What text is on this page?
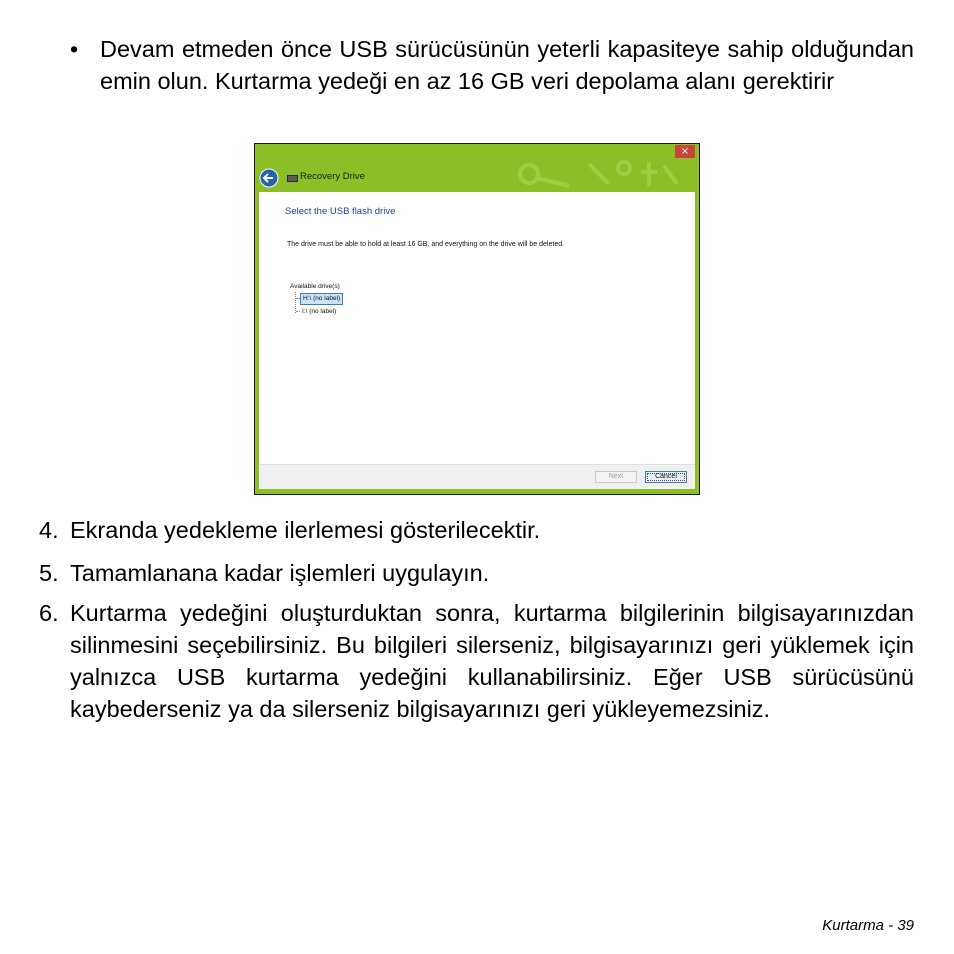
• Devam etmeden önce USB sürücüsünün yeterli kapasiteye sahip olduğundan emin olun. Kurtarma yedeği en az 16 GB veri depolama alanı gerektirir
×
Recovery Drive
Select the USB flash drive
The drive must be able to hold at least 16 GB, and everything on the drive will be deleted.
Available drive(s)
H:\ (no label)
I:\ (no label)
Next	Cancel
4. Ekranda yedekleme ilerlemesi gösterilecektir.
5. Tamamlanana kadar işlemleri uygulayın.
6. Kurtarma yedeğini oluşturduktan sonra, kurtarma bilgilerinin bilgisayarınızdan silinmesini seçebilirsiniz. Bu bilgileri silerseniz, bilgisayarınızı geri yüklemek için yalnızca USB kurtarma yedeğini kullanabilirsiniz. Eğer USB sürücüsünü kaybederseniz ya da silerseniz bilgisayarınızı geri yükleyemezsiniz.
Kurtarma - 39
